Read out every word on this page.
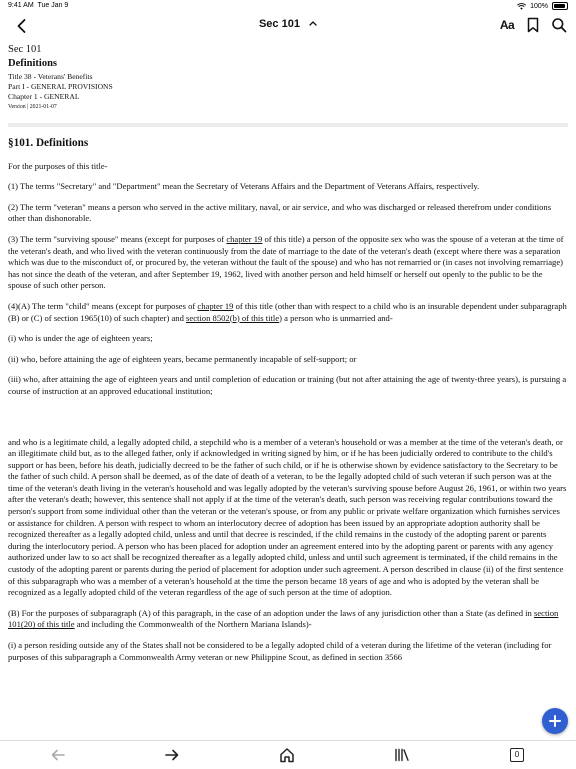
9:41 AM Tue Jan 9	100%
Sec 101	Aa
Sec 101
Definitions
Title 38 - Veterans' Benefits
Part I - GENERAL PROVISIONS
Chapter 1 - GENERAL
Version | 2021-01-07
§101. Definitions

For the purposes of this title-

(1) The terms "Secretary" and "Department" mean the Secretary of Veterans Affairs and the Department of Veterans Affairs, respectively.

(2) The term "veteran" means a person who served in the active military, naval, or air service, and who was discharged or released therefrom under conditions other than dishonorable.

(3) The term "surviving spouse" means (except for purposes of chapter 19 of this title) a person of the opposite sex who was the spouse of a veteran at the time of the veteran's death, and who lived with the veteran continuously from the date of marriage to the date of the veteran's death (except where there was a separation which was due to the misconduct of, or procured by, the veteran without the fault of the spouse) and who has not remarried or (in cases not involving remarriage) has not since the death of the veteran, and after September 19, 1962, lived with another person and held himself or herself out openly to the public to be the spouse of such other person.

(4)(A) The term "child" means (except for purposes of chapter 19 of this title (other than with respect to a child who is an insurable dependent under subparagraph (B) or (C) of section 1965(10) of such chapter) and section 8502(b) of this title) a person who is unmarried and-

(i) who is under the age of eighteen years;

(ii) who, before attaining the age of eighteen years, became permanently incapable of self-support; or

(iii) who, after attaining the age of eighteen years and until completion of education or training (but not after attaining the age of twenty-three years), is pursuing a course of instruction at an approved educational institution;

and who is a legitimate child, a legally adopted child, a stepchild who is a member of a veteran's household or was a member at the time of the veteran's death, or an illegitimate child but, as to the alleged father, only if acknowledged in writing signed by him, or if he has been judicially ordered to contribute to the child's support or has been, before his death, judicially decreed to be the father of such child, or if he is otherwise shown by evidence satisfactory to the Secretary to be the father of such child. A person shall be deemed, as of the date of death of a veteran, to be the legally adopted child of such veteran if such person was at the time of the veteran's death living in the veteran's household and was legally adopted by the veteran's surviving spouse before August 26, 1961, or within two years after the veteran's death; however, this sentence shall not apply if at the time of the veteran's death, such person was receiving regular contributions toward the person's support from some individual other than the veteran or the veteran's spouse, or from any public or private welfare organization which furnishes services or assistance for children. A person with respect to whom an interlocutory decree of adoption has been issued by an appropriate adoption authority shall be recognized thereafter as a legally adopted child, unless and until that decree is rescinded, if the child remains in the custody of the adopting parent or parents during the interlocutory period. A person who has been placed for adoption under an agreement entered into by the adopting parent or parents with any agency authorized under law to so act shall be recognized thereafter as a legally adopted child, unless and until such agreement is terminated, if the child remains in the custody of the adopting parent or parents during the period of placement for adoption under such agreement. A person described in clause (ii) of the first sentence of this subparagraph who was a member of a veteran's household at the time the person became 18 years of age and who is adopted by the veteran shall be recognized as a legally adopted child of the veteran regardless of the age of such person at the time of adoption.

(B) For the purposes of subparagraph (A) of this paragraph, in the case of an adoption under the laws of any jurisdiction other than a State (as defined in section 101(20) of this title and including the Commonwealth of the Northern Mariana Islands)-

(i) a person residing outside any of the States shall not be considered to be a legally adopted child of a veteran during the lifetime of the veteran (including for purposes of this subparagraph a Commonwealth Army veteran or new Philippine Scout, as defined in section 3566

0
